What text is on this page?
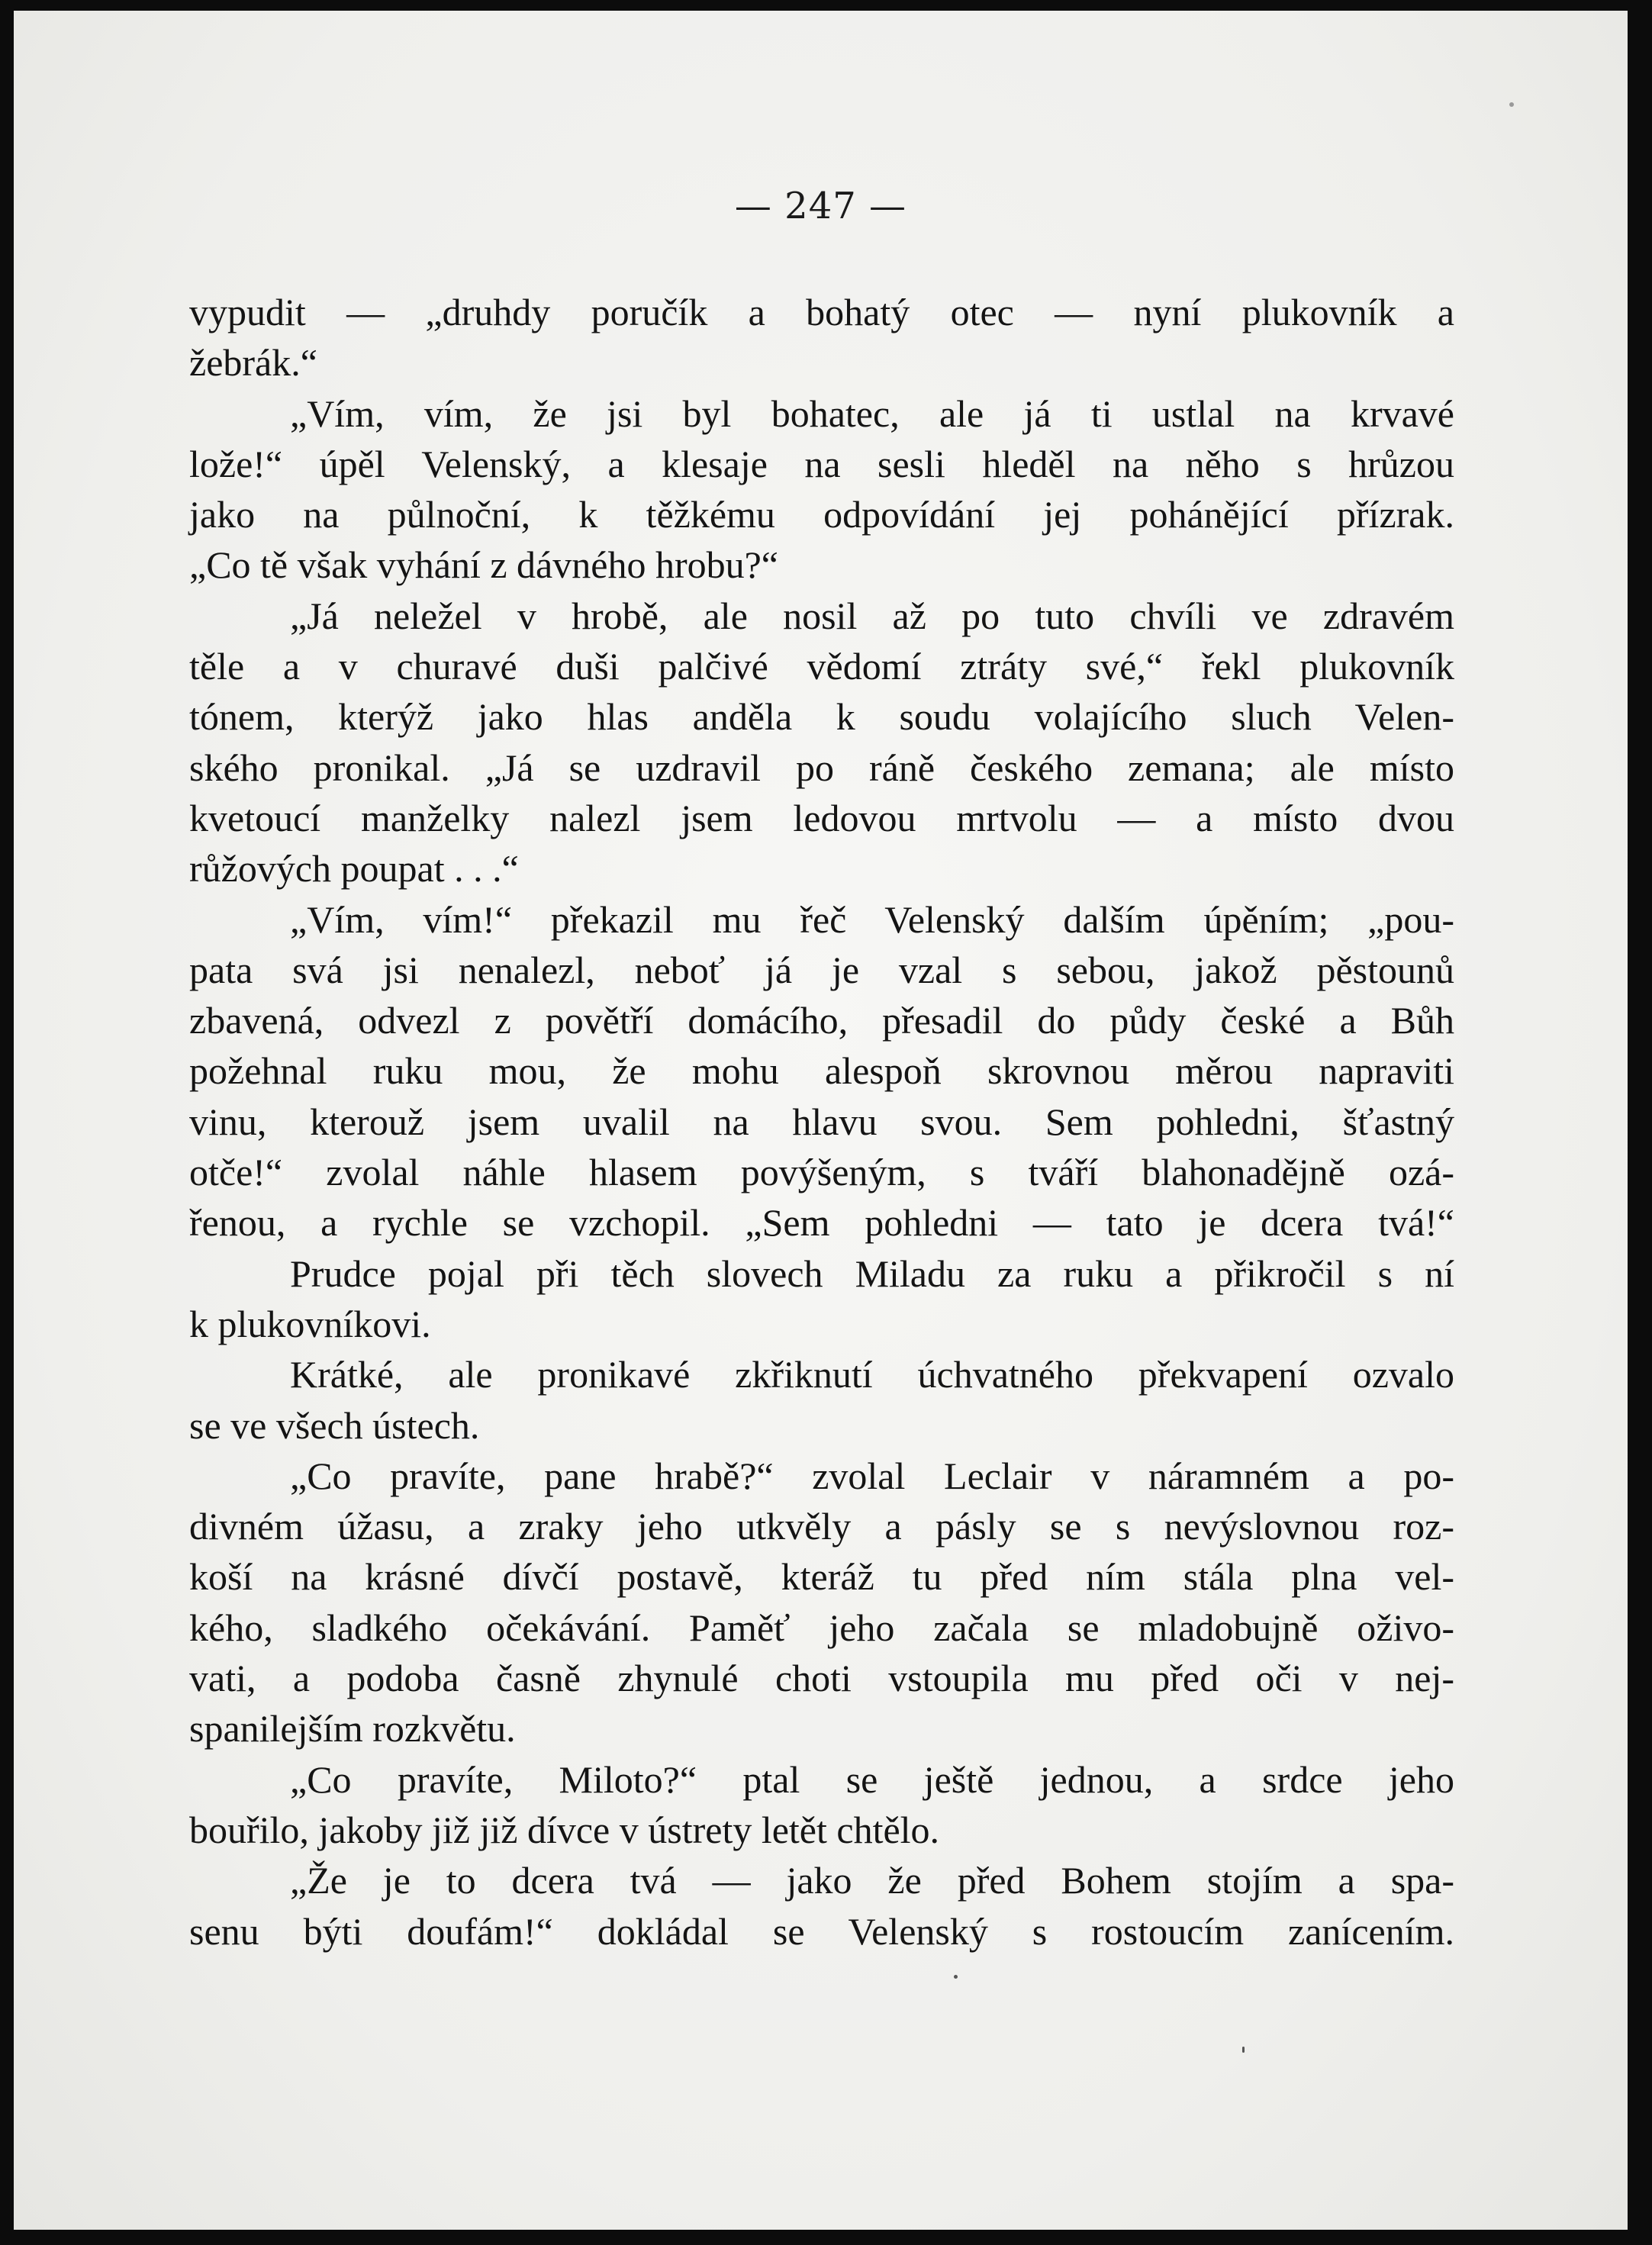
— 247 —
vypudit — „druhdy poručík a bohatý otec — nyní plukovník a
žebrák.“
„Vím, vím, že jsi byl bohatec, ale já ti ustlal na krvavé
lože!“ úpěl Velenský, a klesaje na sesli hleděl na něho s hrůzou
jako na půlnoční, k těžkému odpovídání jej pohánějící přízrak.
„Co tě však vyhání z dávného hrobu?“
„Já neležel v hrobě, ale nosil až po tuto chvíli ve zdravém
těle a v churavé duši palčivé vědomí ztráty své,“ řekl plukovník
tónem, kterýž jako hlas anděla k soudu volajícího sluch Velen-
ského pronikal. „Já se uzdravil po ráně českého zemana; ale místo
kvetoucí manželky nalezl jsem ledovou mrtvolu — a místo dvou
růžových poupat . . .“
„Vím, vím!“ překazil mu řeč Velenský dalším úpěním; „pou-
pata svá jsi nenalezl, neboť já je vzal s sebou, jakož pěstounů
zbavená, odvezl z povětří domácího, přesadil do půdy české a Bůh
požehnal ruku mou, že mohu alespoň skrovnou měrou napraviti
vinu, kterouž jsem uvalil na hlavu svou. Sem pohledni, šťastný
otče!“ zvolal náhle hlasem povýšeným, s tváří blahonadějně ozá-
řenou, a rychle se vzchopil. „Sem pohledni — tato je dcera tvá!“
Prudce pojal při těch slovech Miladu za ruku a přikročil s ní
k plukovníkovi.
Krátké, ale pronikavé zkřiknutí úchvatného překvapení ozvalo
se ve všech ústech.
„Co pravíte, pane hrabě?“ zvolal Leclair v náramném a po-
divném úžasu, a zraky jeho utkvěly a pásly se s nevýslovnou roz-
koší na krásné dívčí postavě, kteráž tu před ním stála plna vel-
kého, sladkého očekávání. Paměť jeho začala se mladobujně oživo-
vati, a podoba časně zhynulé choti vstoupila mu před oči v nej-
spanilejším rozkvětu.
„Co pravíte, Miloto?“ ptal se ještě jednou, a srdce jeho
bouřilo, jakoby již již dívce v ústrety letět chtělo.
„Že je to dcera tvá — jako že před Bohem stojím a spa-
senu býti doufám!“ dokládal se Velenský s rostoucím zanícením.
